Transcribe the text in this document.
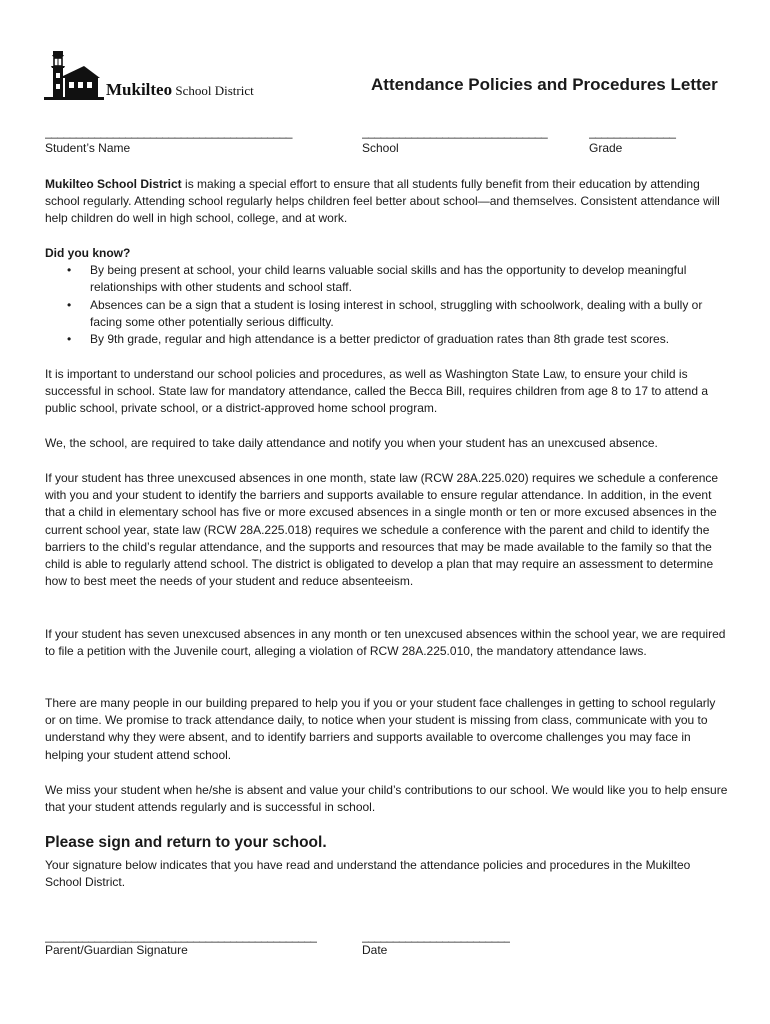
Mukilteo School District	Attendance Policies and Procedures Letter
________________________________________
Student’s Name
______________________________
School
______________
Grade

Mukilteo School District is making a special effort to ensure that all students fully benefit from their education by attending school regularly. Attending school regularly helps children feel better about school—and themselves. Consistent attendance will help children do well in high school, college, and at work.

Did you know?

• By being present at school, your child learns valuable social skills and has the opportunity to develop meaningful relationships with other students and school staff.
• Absences can be a sign that a student is losing interest in school, struggling with schoolwork, dealing with a bully or facing some other potentially serious difficulty.
• By 9th grade, regular and high attendance is a better predictor of graduation rates than 8th grade test scores.

It is important to understand our school policies and procedures, as well as Washington State Law, to ensure your child is successful in school. State law for mandatory attendance, called the Becca Bill, requires children from age 8 to 17 to attend a public school, private school, or a district-approved home school program.

We, the school, are required to take daily attendance and notify you when your student has an unexcused absence.

If your student has three unexcused absences in one month, state law (RCW 28A.225.020) requires we schedule a conference with you and your student to identify the barriers and supports available to ensure regular attendance. In addition, in the event that a child in elementary school has five or more excused absences in a single month or ten or more excused absences in the current school year, state law (RCW 28A.225.018) requires we schedule a conference with the parent and child to identify the barriers to the child’s regular attendance, and the supports and resources that may be made available to the family so that the child is able to regularly attend school. The district is obligated to develop a plan that may require an assessment to determine how to best meet the needs of your student and reduce absenteeism.

If your student has seven unexcused absences in any month or ten unexcused absences within the school year, we are required to file a petition with the Juvenile court, alleging a violation of RCW 28A.225.010, the mandatory attendance laws.

There are many people in our building prepared to help you if you or your student face challenges in getting to school regularly or on time. We promise to track attendance daily, to notice when your student is missing from class, communicate with you to understand why they were absent, and to identify barriers and supports available to overcome challenges you may face in helping your student attend school.

We miss your student when he/she is absent and value your child’s contributions to our school. We would like you to help ensure that your student attends regularly and is successful in school.

Please sign and return to your school.

Your signature below indicates that you have read and understand the attendance policies and procedures in the Mukilteo School District.

____________________________________________
Parent/Guardian Signature
________________________
Date
